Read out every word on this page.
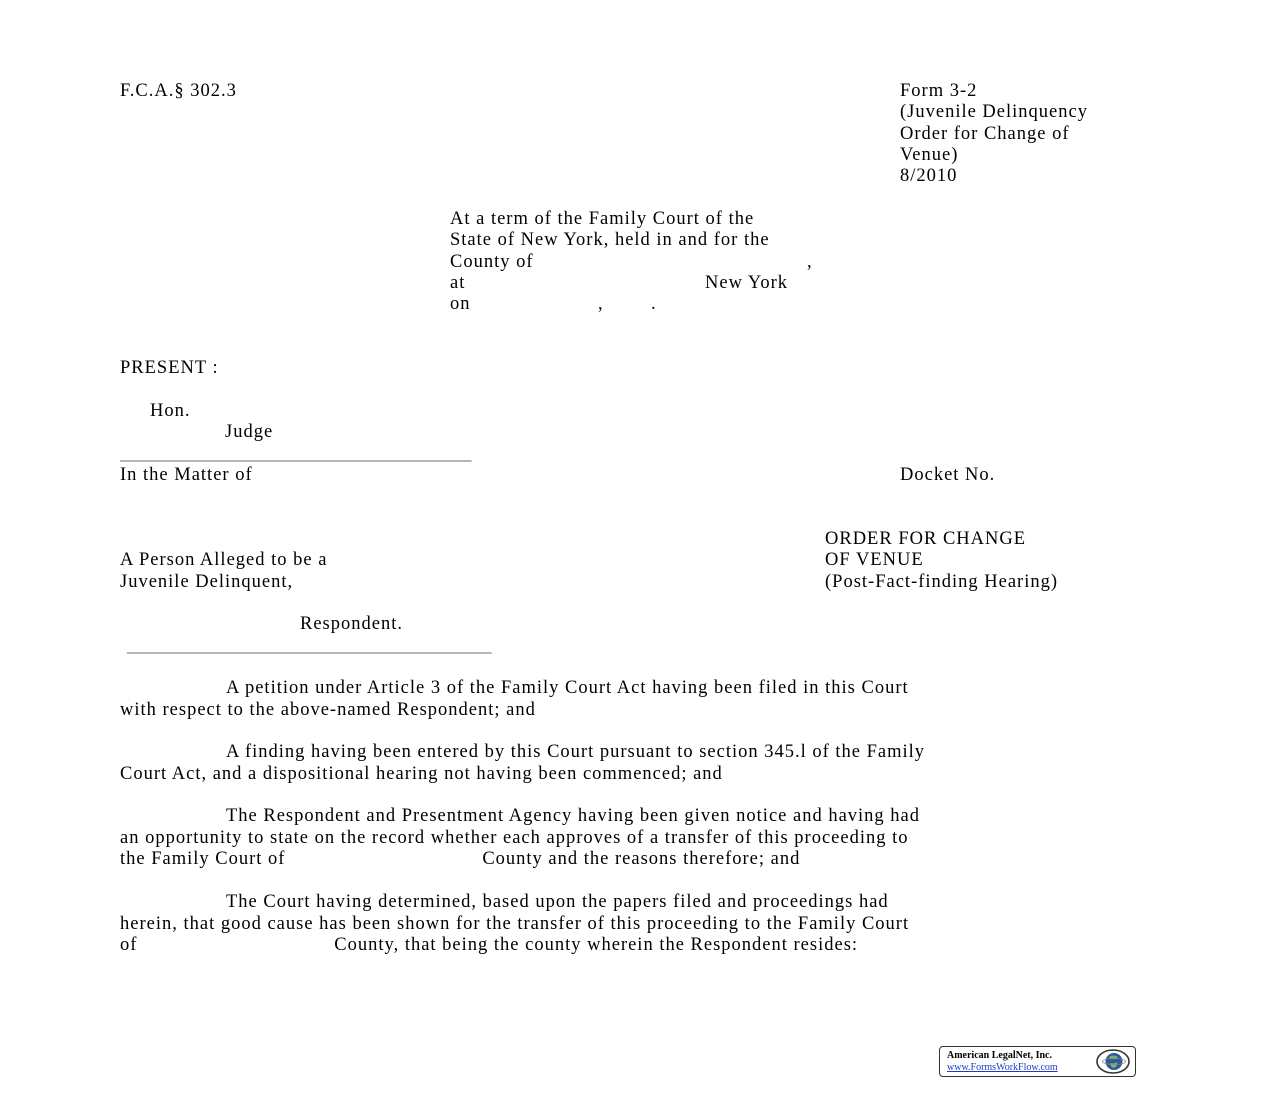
F.C.A.§ 302.3	Form 3-2
(Juvenile Delinquency
Order for Change of
Venue)
8/2010
At a term of the Family Court of the
State of New York, held in and for the
County of	,
at	New York
on	,	.
PRESENT :
Hon.
Judge
______________________________________
In the Matter of	Docket No.
ORDER FOR CHANGE
OF VENUE
(Post-Fact-finding Hearing)
A Person Alleged to be a
Juvenile Delinquent,
Respondent.
______________________________________
A petition under Article 3 of the Family Court Act having been filed in this Court
with respect to the above-named Respondent; and
A finding having been entered by this Court pursuant to section 345.l of the Family
Court Act, and a dispositional hearing not having been commenced; and
The Respondent and Presentment Agency having been given notice and having had
an opportunity to state on the record whether each approves of a transfer of this proceeding to
the Family Court of                                   County and the reasons therefore; and
The Court having determined, based upon the papers filed and proceedings had
herein, that good cause has been shown for the transfer of this proceeding to the Family Court
of                                   County, that being the county wherein the Respondent resides:
American LegalNet, Inc.
www.FormsWorkFlow.com
